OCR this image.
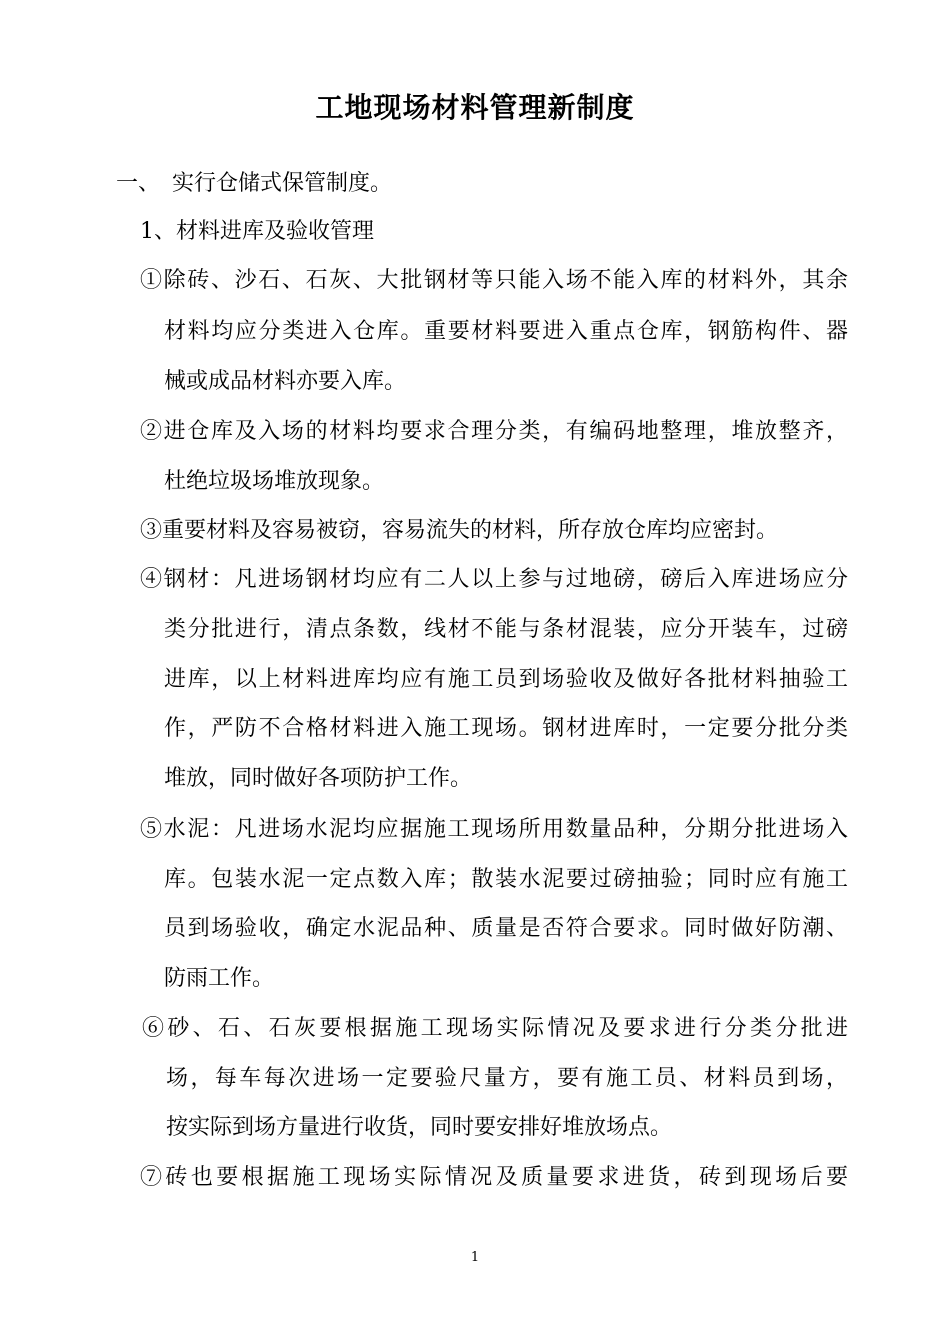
工地现场材料管理新制度
一、 实行仓储式保管制度。
1、材料进库及验收管理
①除砖、沙石、石灰、大批钢材等只能入场不能入库的材料外，其余
材料均应分类进入仓库。重要材料要进入重点仓库，钢筋构件、器
械或成品材料亦要入库。
②进仓库及入场的材料均要求合理分类，有编码地整理，堆放整齐，
杜绝垃圾场堆放现象。
③重要材料及容易被窃，容易流失的材料，所存放仓库均应密封。
④钢材：凡进场钢材均应有二人以上参与过地磅，磅后入库进场应分
类分批进行，清点条数，线材不能与条材混装，应分开装车，过磅
进库，以上材料进库均应有施工员到场验收及做好各批材料抽验工
作，严防不合格材料进入施工现场。钢材进库时，一定要分批分类
堆放，同时做好各项防护工作。
⑤水泥：凡进场水泥均应据施工现场所用数量品种，分期分批进场入
库。包装水泥一定点数入库；散装水泥要过磅抽验；同时应有施工
员到场验收，确定水泥品种、质量是否符合要求。同时做好防潮、
防雨工作。
⑥砂、石、石灰要根据施工现场实际情况及要求进行分类分批进
场，每车每次进场一定要验尺量方，要有施工员、材料员到场，
按实际到场方量进行收货，同时要安排好堆放场点。
⑦砖也要根据施工现场实际情况及质量要求进货，砖到现场后要
1
